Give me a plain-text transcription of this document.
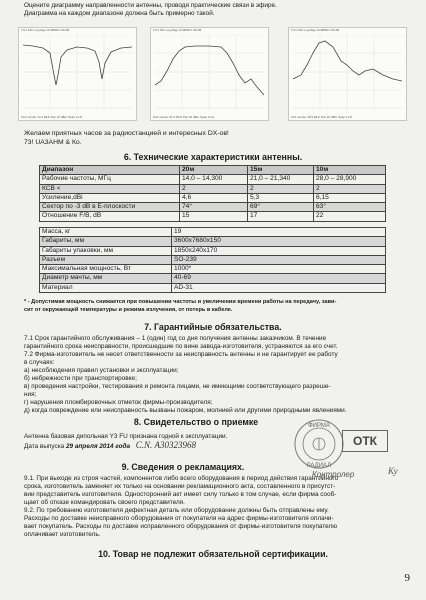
Оцените диаграмму направленности антенны, проводя практические связи в эфире.
Диаграмма на каждом диапазоне должна быть примерно такой.
Trc1 S11 Log Mag 10 dB/Ref -50 dB
Ch1 Center 14.2 MHz Pwr 10 dBm Span 2 Hz
Trc1 S11 Log Mag 10 dB/Ref -50 dB
Ch1 Center 21.2 MHz Pwr 10 dBm Span 2 Hz
Trc1 S11 Log Mag 10 dB/Ref -50 dB
Ch1 Center 28.5 MHz Pwr 10 dBm Span 2 Hz
Желаем приятных часов за радиостанцией и интересных DX-ов!
73! UA3AHM & Ко.
6. Технические характеристики антенны.
Диапазон	20м	15м	10м
Рабочие частоты, МГц	14,0 – 14,300	21,0 – 21,340	28,0 – 28,900
КСВ <	2	2	2
Усиление,dBi	4,6	5,3	6,15
Сектор по -3 dB в Е-плоскости	74°	69°	63°
Отношение F/B, dB	15	17	22
Масса, кг	19
Габариты, мм	3600х7680х150
Габариты упаковки, мм	1850х240х170
Разъем	SO-239
Максимальная мощность, Вт	1000*
Диаметр мачты, мм	40-69
Материал	AD-31
* - Допустимая мощность снижается при повышении частоты и увеличении времени работы на передачу, зави-
сит от окружающей температуры и режима излучения, от потерь в кабеле.
7. Гарантийные обязательства.
7.1 Срок гарантийного обслуживания – 1 (один) год со дня получения антенны заказчиком. В течение
гарантийного срока неисправности, происшедшие по вине завода-изготовителя, устраняются за его счет.
7.2 Фирма-изготовитель не несет ответственности за неисправность антенны и не гарантирует ее работу
в случаях:
а) несоблюдения правил установки и эксплуатации;
б) небрежности при транспортировке;
в) проведения настройки, тестирования и ремонта лицами, не имеющими соответствующего разреше-
ния;
г) нарушения пломбировочных отметок фирмы-производителя;
д) когда повреждение или неисправность вызваны пожаром, молнией или другими природными явлениями.
8. Свидетельство о приемке
Антенна базовая дипольная Y3 FU признана годной к эксплуатации.
Дата выпуска 29 апреля 2014 года С.N. А30323968
ФИРМА
РАДИАЛ
ОТК
Контролер	Ку
9. Сведения о рекламациях.
9.1. При выходе из строя частей, компонентов либо всего оборудования в период действия гарантийного
срока, изготовитель заменяет их только на основании рекламационного акта, составленного в присутст-
вии представитель изготовителя. Односторонний акт имеет силу только в том случае, если фирма сооб-
щает об отказе командировать своего представителя.
9.2. По требованию изготовителя дефектная деталь или оборудование должны быть отправлены ему.
Расходы по доставке неисправного оборудования от покупателя на адрес фирмы-изготовителя оплачи-
вает покупатель. Расходы по доставке исправленного оборудования от фирмы-изготовителя покупателю
оплачивает изготовитель.
10. Товар не подлежит обязательной сертификации.
9
